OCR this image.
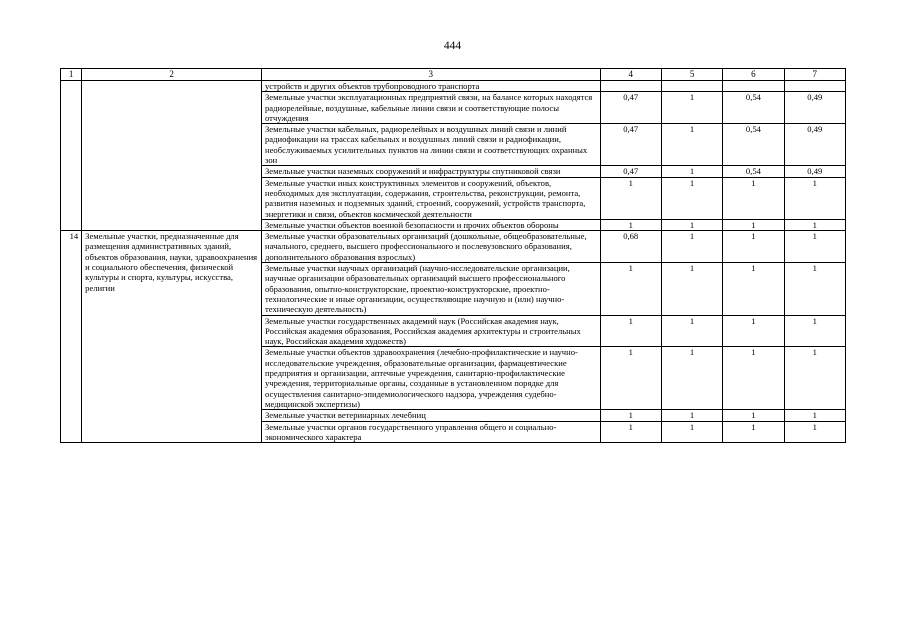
444
1	2	3	4	5	6	7
		устройств и других объектов трубопроводного транспорта				
		Земельные участки эксплуатационных предприятий связи, на балансе которых находятся радиорелейные, воздушные, кабельные линии связи и соответствующие полосы отчуждения	0,47	1	0,54	0,49
		Земельные участки кабельных, радиорелейных и воздушных линий связи и линий радиофикации на трассах кабельных и воздушных линий связи и радиофикации, необслуживаемых усилительных пунктов на линии связи и соответствующих охранных зон	0,47	1	0,54	0,49
		Земельные участки наземных сооружений и инфраструктуры спутниковой связи	0,47	1	0,54	0,49
		Земельные участки иных конструктивных элементов и сооружений, объектов, необходимых для эксплуатации, содержания, строительства, реконструкции, ремонта, развития наземных и подземных зданий, строений, сооружений, устройств транспорта, энергетики и связи, объектов космической деятельности	1	1	1	1
		Земельные участки объектов военной безопасности и прочих объектов обороны	1	1	1	1
14	Земельные участки, предназначенные для размещения административных зданий, объектов образования, науки, здравоохранения и социального обеспечения, физической культуры и спорта, культуры, искусства, религии	Земельные участки образовательных организаций (дошкольные, общеобразовательные, начального, среднего, высшего профессионального и послевузовского образования, дополнительного образования взрослых)	0,68	1	1	1
		Земельные участки научных организаций (научно-исследовательские организации, научные организации образовательных организаций высшего профессионального образования, опытно-конструкторские, проектно-конструкторские, проектно-технологические и иные организации, осуществляющие научную и (или) научно-техническую деятельность)	1	1	1	1
		Земельные участки государственных академий наук (Российская академия наук, Российская академия образования, Российская академия архитектуры и строительных наук, Российская академия художеств)	1	1	1	1
		Земельные участки объектов здравоохранения (лечебно-профилактические и научно-исследовательские учреждения, образовательные организации, фармацевтические предприятия и организации, аптечные учреждения, санитарно-профилактические учреждения, территориальные органы, созданные в установленном порядке для осуществления санитарно-эпидемиологического надзора, учреждения судебно-медицинской экспертизы)	1	1	1	1
		Земельные участки ветеринарных лечебниц	1	1	1	1
		Земельные участки органов государственного управления общего и социально-экономического характера	1	1	1	1
